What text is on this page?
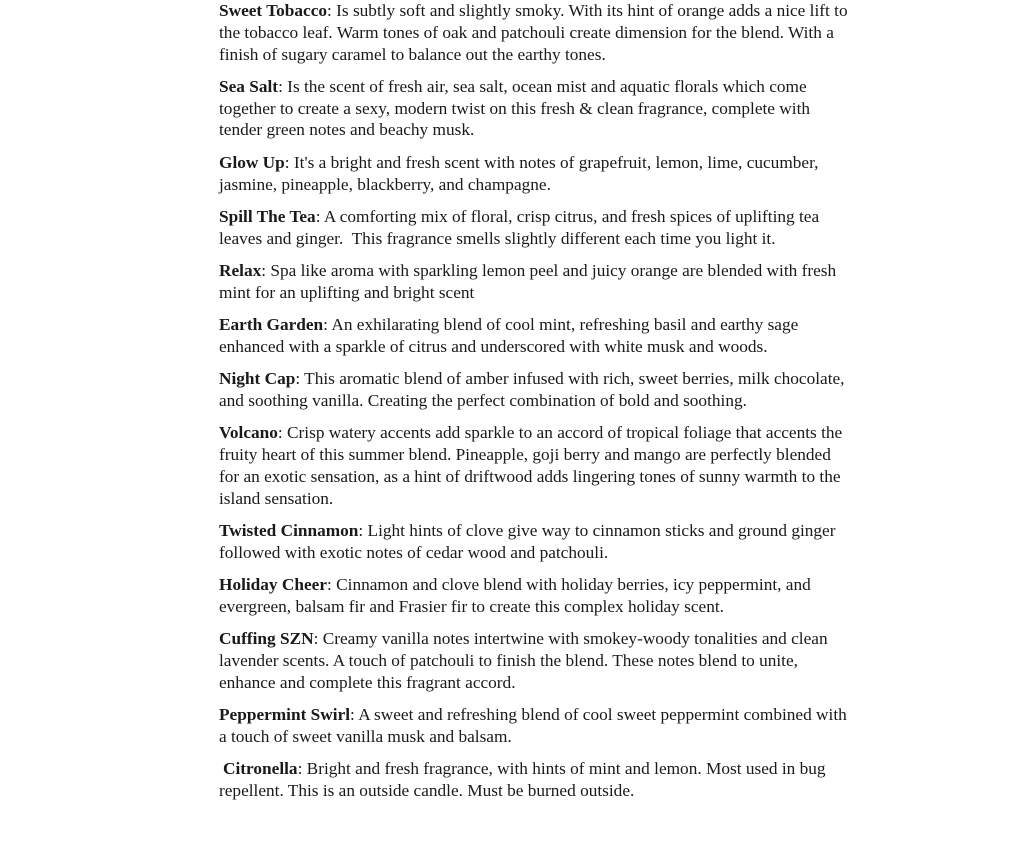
Sweet Tobacco: Is subtly soft and slightly smoky. With its hint of orange adds a nice lift to the tobacco leaf. Warm tones of oak and patchouli create dimension for the blend. With a finish of sugary caramel to balance out the earthy tones.

Sea Salt: Is the scent of fresh air, sea salt, ocean mist and aquatic florals which come together to create a sexy, modern twist on this fresh & clean fragrance, complete with tender green notes and beachy musk.

Glow Up: It's a bright and fresh scent with notes of grapefruit, lemon, lime, cucumber, jasmine, pineapple, blackberry, and champagne.

Spill The Tea: A comforting mix of floral, crisp citrus, and fresh spices of uplifting tea leaves and ginger.  This fragrance smells slightly different each time you light it.

Relax: Spa like aroma with sparkling lemon peel and juicy orange are blended with fresh mint for an uplifting and bright scent

Earth Garden: An exhilarating blend of cool mint, refreshing basil and earthy sage enhanced with a sparkle of citrus and underscored with white musk and woods.

Night Cap: This aromatic blend of amber infused with rich, sweet berries, milk chocolate, and soothing vanilla. Creating the perfect combination of bold and soothing.

Volcano: Crisp watery accents add sparkle to an accord of tropical foliage that accents the fruity heart of this summer blend. Pineapple, goji berry and mango are perfectly blended for an exotic sensation, as a hint of driftwood adds lingering tones of sunny warmth to the island sensation.

Twisted Cinnamon: Light hints of clove give way to cinnamon sticks and ground ginger followed with exotic notes of cedar wood and patchouli.

Holiday Cheer: Cinnamon and clove blend with holiday berries, icy peppermint, and evergreen, balsam fir and Frasier fir to create this complex holiday scent.

Cuffing SZN: Creamy vanilla notes intertwine with smokey-woody tonalities and clean lavender scents. A touch of patchouli to finish the blend. These notes blend to unite, enhance and complete this fragrant accord.

Peppermint Swirl: A sweet and refreshing blend of cool sweet peppermint combined with a touch of sweet vanilla musk and balsam.

Citronella: Bright and fresh fragrance, with hints of mint and lemon. Most used in bug repellent. This is an outside candle. Must be burned outside.
